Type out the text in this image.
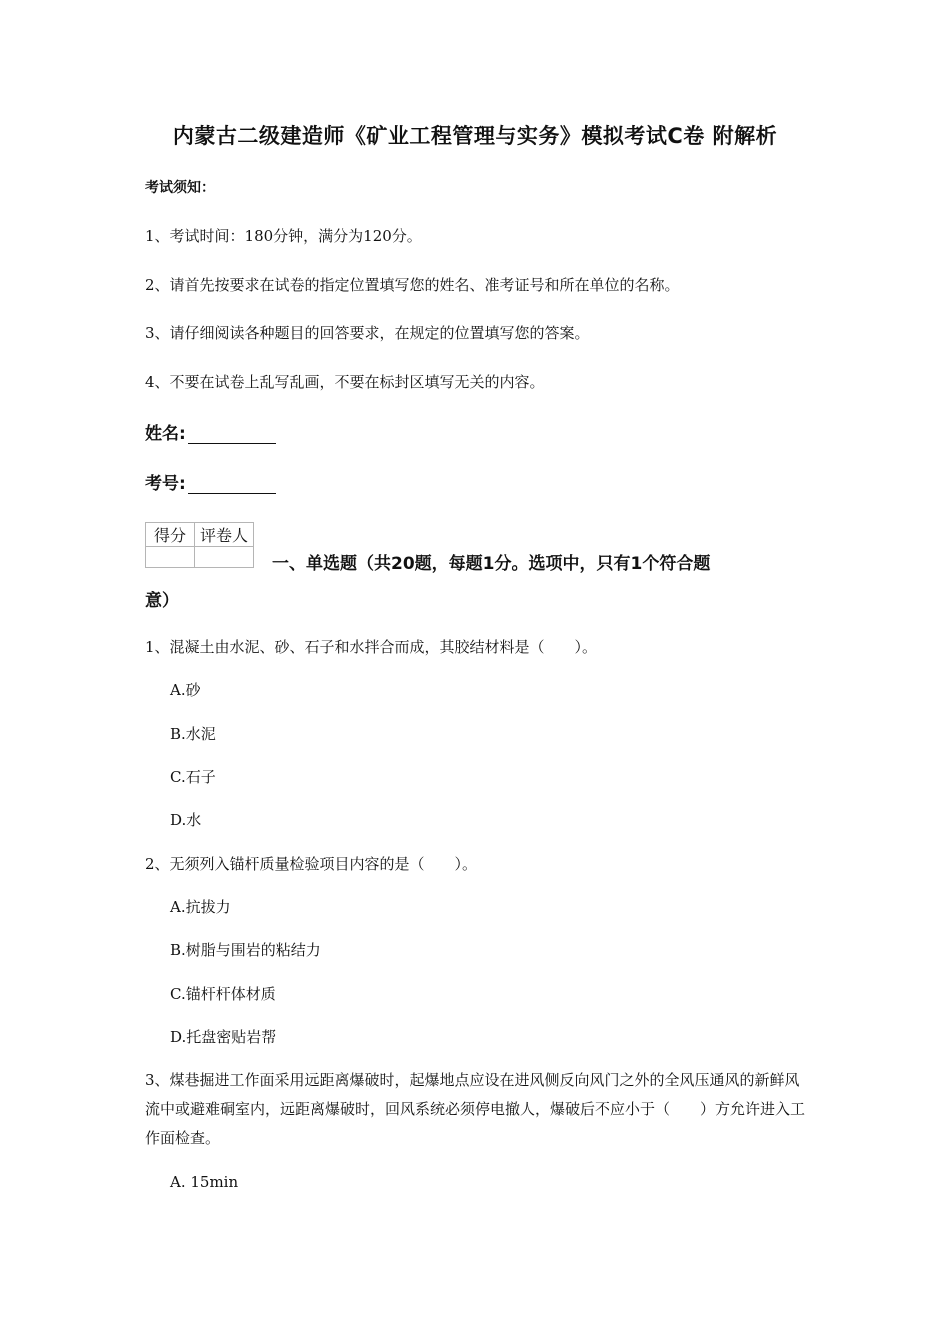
内蒙古二级建造师《矿业工程管理与实务》模拟考试C卷 附解析
考试须知：
1、考试时间：180分钟，满分为120分。
2、请首先按要求在试卷的指定位置填写您的姓名、准考证号和所在单位的名称。
3、请仔细阅读各种题目的回答要求，在规定的位置填写您的答案。
4、不要在试卷上乱写乱画，不要在标封区填写无关的内容。
姓名:
考号:
得分	评卷人

一、单选题（共20题，每题1分。选项中，只有1个符合题
意）
1、混凝土由水泥、砂、石子和水拌合而成，其胶结材料是（　　）。
A.砂
B.水泥
C.石子
D.水
2、无须列入锚杆质量检验项目内容的是（　　）。
A.抗拔力
B.树脂与围岩的粘结力
C.锚杆杆体材质
D.托盘密贴岩帮
3、煤巷掘进工作面采用远距离爆破时，起爆地点应设在进风侧反向风门之外的全风压通风的新鲜风流中或避难硐室内，远距离爆破时，回风系统必须停电撤人，爆破后不应小于（　　）方允许进入工作面检查。
A. 15min
